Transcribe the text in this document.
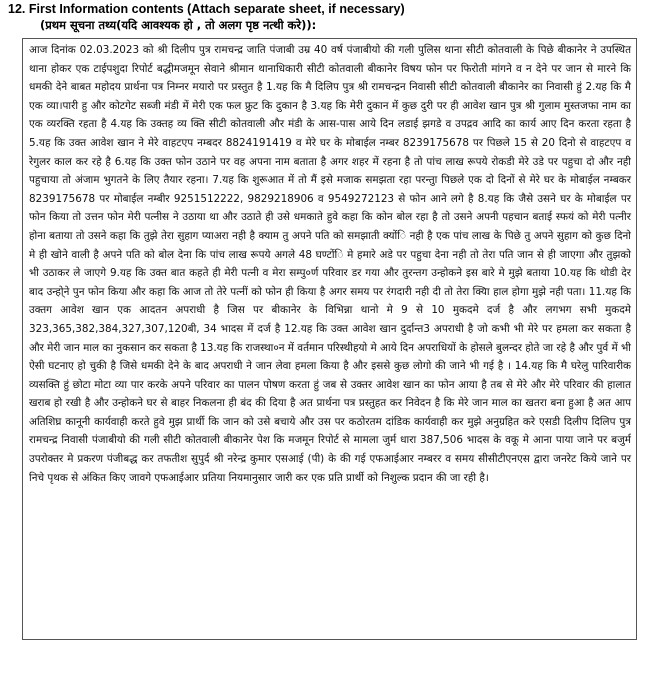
12. First Information contents (Attach separate sheet, if necessary)
(प्रथम सूचना तथ्य(यदि आवश्यक हो , तो अलग पृष्ठ नत्थी करे)):

आज दिनांक 02.03.2023 को श्री दिलीप पुत्र रामचन्द्र जाति पंजाबी उम्र 40 वर्ष पंजाबीयो की गली पुलिस थाना सीटी कोतवाली के पिछे बीकानेर ने उपस्थित थाना होकर एक टाईपशुदा रिपोर्ट बद्धीमजमून सेवाने श्रीमान थानाधिकारी सीटी कोतवाली बीकानेर विषय फोन पर फिरोती मांगने व न देने पर जान से मारने कि धमकी देने बाबत महोदय प्रार्थना पत्र निम्नर मयारो पर प्रस्तुत है 1.यह कि मै दिलिप पुत्र श्री रामचन्द्रन निवासी सीटी कोतवाली बीकानेर का निवासी हुं 2.यह कि मै एक व्या।पारी हु और कोटगेट सब्जी मंडी में मेरी एक फल फ्रुट कि दुकान है 3.यह कि मेरी दुकान में कुछ दुरी पर ही आवेश खान पुत्र श्री गुलाम मुस्तजफा नाम का एक व्यरक्ति रहता है 4.यह कि उक्तह व्य क्ति सीटी कोतवाली और मंडी के आस-पास आये दिन लडाई झगडे व उपद्रव आदि का कार्य आए दिन करता रहता है 5.यह कि उक्त आवेश खान ने मेरे वाहटएप नम्बदर 8824191419 व मेरे घर के मोबाईल नम्बर 8239175678 पर पिछले 15 से 20 दिनो से वाहटएप व रेगुलर काल कर रहे है 6.यह कि उक्त फोन उठाने पर वह अपना नाम बताता है अगर शहर में रहना है तो पांच लाख रूपये रोकडी मेरे उडे पर पहुचा दो और नही पहुचाया तो अंजाम भुगतने के लिए तैयार रहना। 7.यह कि शुरूआत में तो मैं इसे मजाक समझता रहा परन्तुा पिछले एक दो दिनों से मेरे घर के मोबाईल नम्बकर 8239175678 पर मोबाईल नम्बीर 9251512222, 9829218906 व 9549272123 से फोन आने लगे है 8.यह कि जैसे उसने घर के मोबाईल पर फोन किया तो उत्तन फोन मेरी पत्नीस ने उठाया था और उठाते ही उसे धमकाते हुवे कहा कि कोन बोल रहा है तो उसने अपनी पहचान बताई स्फयं को मेरी पत्नीर होना बताया तो उसने कहा कि तुझे तेरा सुहाग प्याअरा नही है क्याम तु अपने पति को समझाती क्योंि नही है एक पांच लाख के पिछे तु अपने सुहाग को कुछ दिनो मे ही खोने वाली है अपने पति को बोल देना कि पांच लाख रूपये अगले 48 घण्टोंि मे हमारे अडे पर पहुचा देना नही तो तेरा पति जान से ही जाएगा और तुझको भी उठाकर ले जाएगे 9.यह कि उक्त बात कहते ही मेरी पत्नी व मेरा सम्पु०र्ण परिवार डर गया और तुरन्तग उन्होकने इस बारे मे मुझे बताया 10.यह कि थोडी देर बाद उन्हो्ने पुन फोन किया और कहा कि आज तो तेरे पत्नीं को फोन ही किया है अगर समय पर रंगदारी नही दी तो तेरा क्याि हाल होगा मुझे नही पता। 11.यह कि उक्तग आवेश खान एक आदतन अपराधी है जिस पर बीकानेर के विभिन्ना थानो मे 9 से 10 मुकदमे दर्ज है और लगभग सभी मुकदमे 323,365,382,384,327,307,120बी, 34 भादस में दर्ज है 12.यह कि उक्त आवेश खान दुर्दान्त3 अपराधी है जो कभी भी मेरे पर हमला कर सकता है और मेरी जान माल का नुकसान कर सकता है 13.यह कि राजस्था०न में वर्तमान परिस्थीहयो मे आये दिन अपराधियों के होसले बुलन्दर होते जा रहे है और पुर्व में भी ऐसी घटनाए हो चुकी है जिसे धमकी देने के बाद अपराधी ने जान लेवा हमला किया है और इससे कुछ लोगो की जाने भी गई है । 14.यह कि मै घरेलु पारिवारीक व्यसक्ति हुं छोटा मोटा व्या पार करके अपने परिवार का पालन पोषण करता हुं जब से उक्तर आवेश खान का फोन आया है तब से मेरे और मेरे परिवार की हालात खराब हो रखी है और उन्होकने घर से बाहर निकलना ही बंद की दिया है अत प्रार्थना पत्र प्रस्तुहत कर निवेदन है कि मेरे जान माल का खतरा बना हुआ है अत आप अतिशिघ्र कानूनी कार्यवाही करते हुवे मुझ प्रार्थी कि जान को उसे बचाये और उस पर कठोरतम दांडिक कार्यवाही कर मुझे अनुग्रहित करे एसडी दिलीप दिलिप पुत्र रामचन्द्र निवासी पंजाबीयो की गली सीटी कोतवाली बीकानेर पेश कि मजमून रिपोर्ट से मामला जुर्म धारा 387,506 भादस के वकू मे आना पाया जाने पर बजुर्म उपरोक्तर मे प्रकरण पंजीबद्ध कर तफतीश सुपुर्द श्री नरेन्द्र कुमार एसआई (पी) के की गई एफआईआर नम्बरर व समय सीसीटीएनएस द्वारा जनरेट किये जाने पर निचे पृथक से अंकित किए जावगे एफआईआर प्रतिया नियमानुसार जारी कर एक प्रति प्रार्थी को निशुल्क प्रदान की जा रही है।
